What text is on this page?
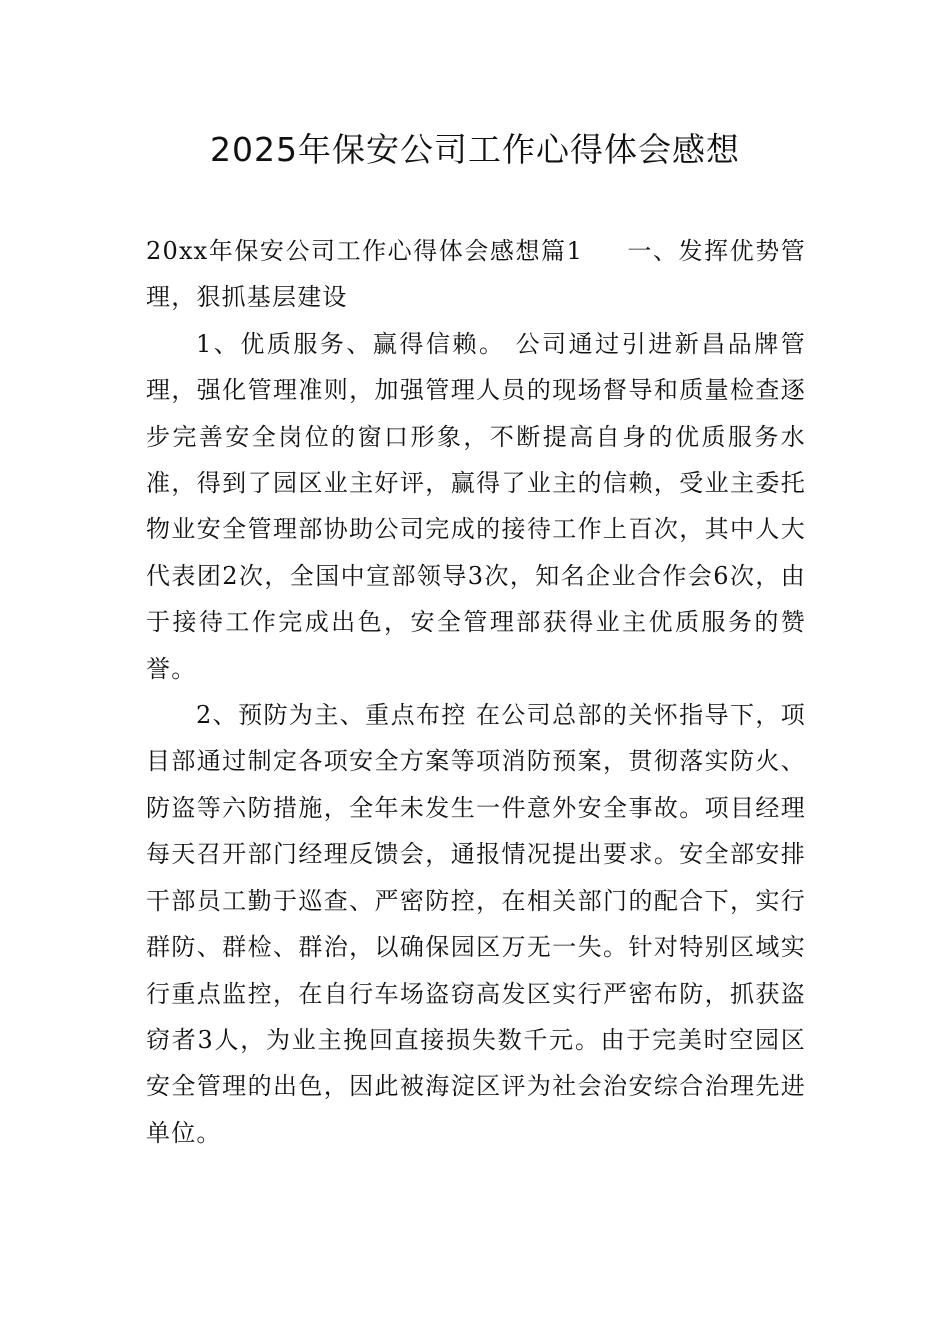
2025年保安公司工作心得体会感想

20xx年保安公司工作心得体会感想篇1 一、发挥优势管理，狠抓基层建设

1、优质服务、赢得信赖。 公司通过引进新昌品牌管理，强化管理准则，加强管理人员的现场督导和质量检查逐步完善安全岗位的窗口形象，不断提高自身的优质服务水准，得到了园区业主好评，赢得了业主的信赖，受业主委托物业安全管理部协助公司完成的接待工作上百次，其中人大代表团2次，全国中宣部领导3次，知名企业合作会6次，由于接待工作完成出色，安全管理部获得业主优质服务的赞誉。

2、预防为主、重点布控 在公司总部的关怀指导下，项目部通过制定各项安全方案等项消防预案，贯彻落实防火、防盗等六防措施，全年未发生一件意外安全事故。项目经理每天召开部门经理反馈会，通报情况提出要求。安全部安排干部员工勤于巡查、严密防控，在相关部门的配合下，实行群防、群检、群治，以确保园区万无一失。针对特别区域实行重点监控，在自行车场盗窃高发区实行严密布防，抓获盗窃者3人，为业主挽回直接损失数千元。由于完美时空园区安全管理的出色，因此被海淀区评为社会治安综合治理先进单位。
